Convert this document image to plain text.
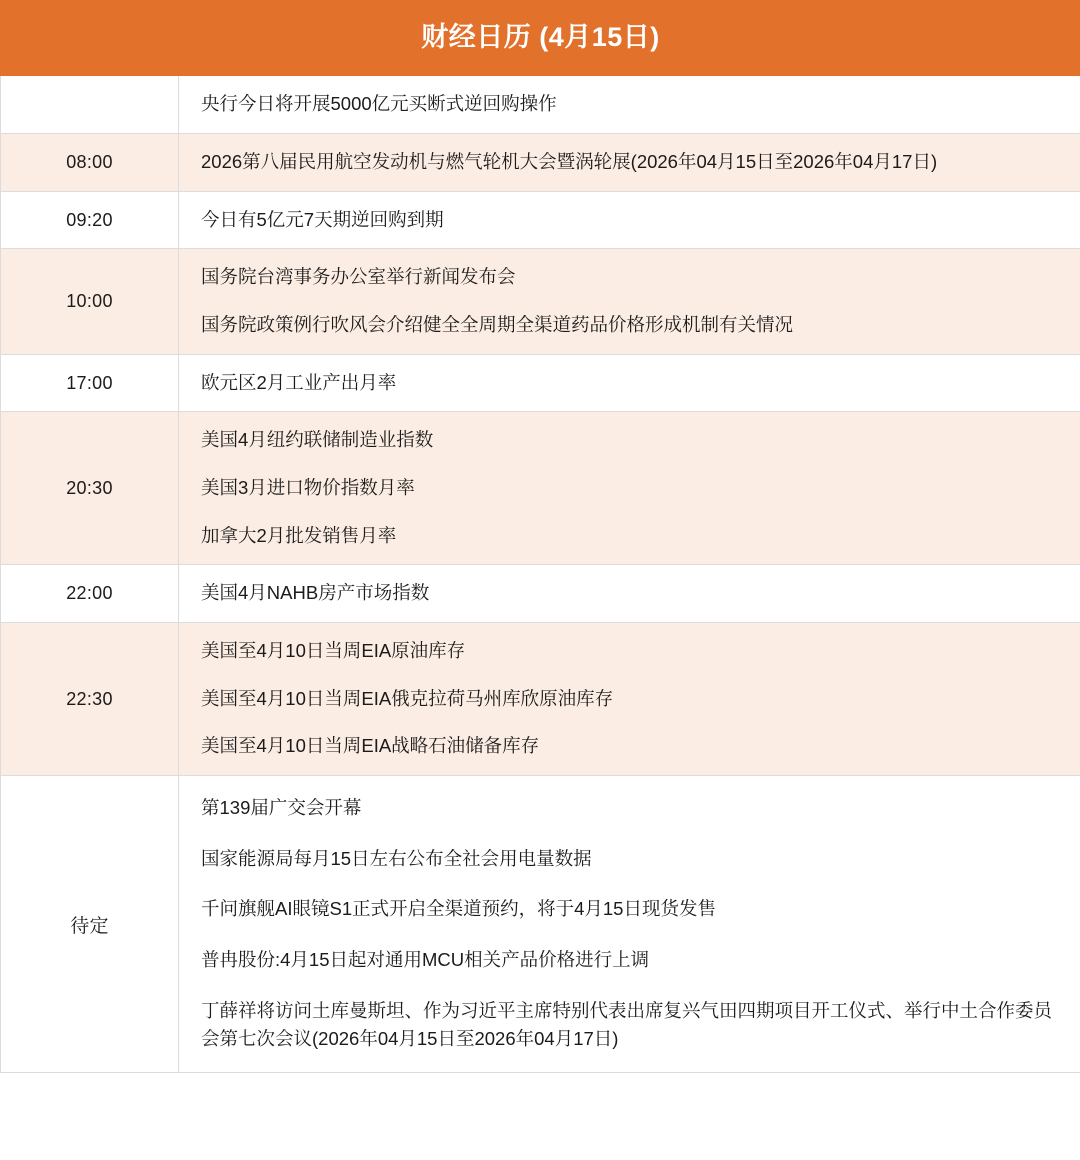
财经日历 (4月15日)	

	央行今日将开展5000亿元买断式逆回购操作

08:00	2026第八届民用航空发动机与燃气轮机大会暨涡轮展(2026年04月15日至2026年04月17日)

09:20	今日有5亿元7天期逆回购到期

10:00	国务院台湾事务办公室举行新闻发布会
国务院政策例行吹风会介绍健全全周期全渠道药品价格形成机制有关情况

17:00	欧元区2月工业产出月率

20:30	美国4月纽约联储制造业指数
美国3月进口物价指数月率
加拿大2月批发销售月率

22:00	美国4月NAHB房产市场指数

22:30	美国至4月10日当周EIA原油库存
美国至4月10日当周EIA俄克拉荷马州库欣原油库存
美国至4月10日当周EIA战略石油储备库存

待定	第139届广交会开幕
国家能源局每月15日左右公布全社会用电量数据
千问旗舰AI眼镜S1正式开启全渠道预约，将于4月15日现货发售
普冉股份:4月15日起对通用MCU相关产品价格进行上调
丁薛祥将访问土库曼斯坦、作为习近平主席特别代表出席复兴气田四期项目开工仪式、举行中土合作委员会第七次会议(2026年04月15日至2026年04月17日)
